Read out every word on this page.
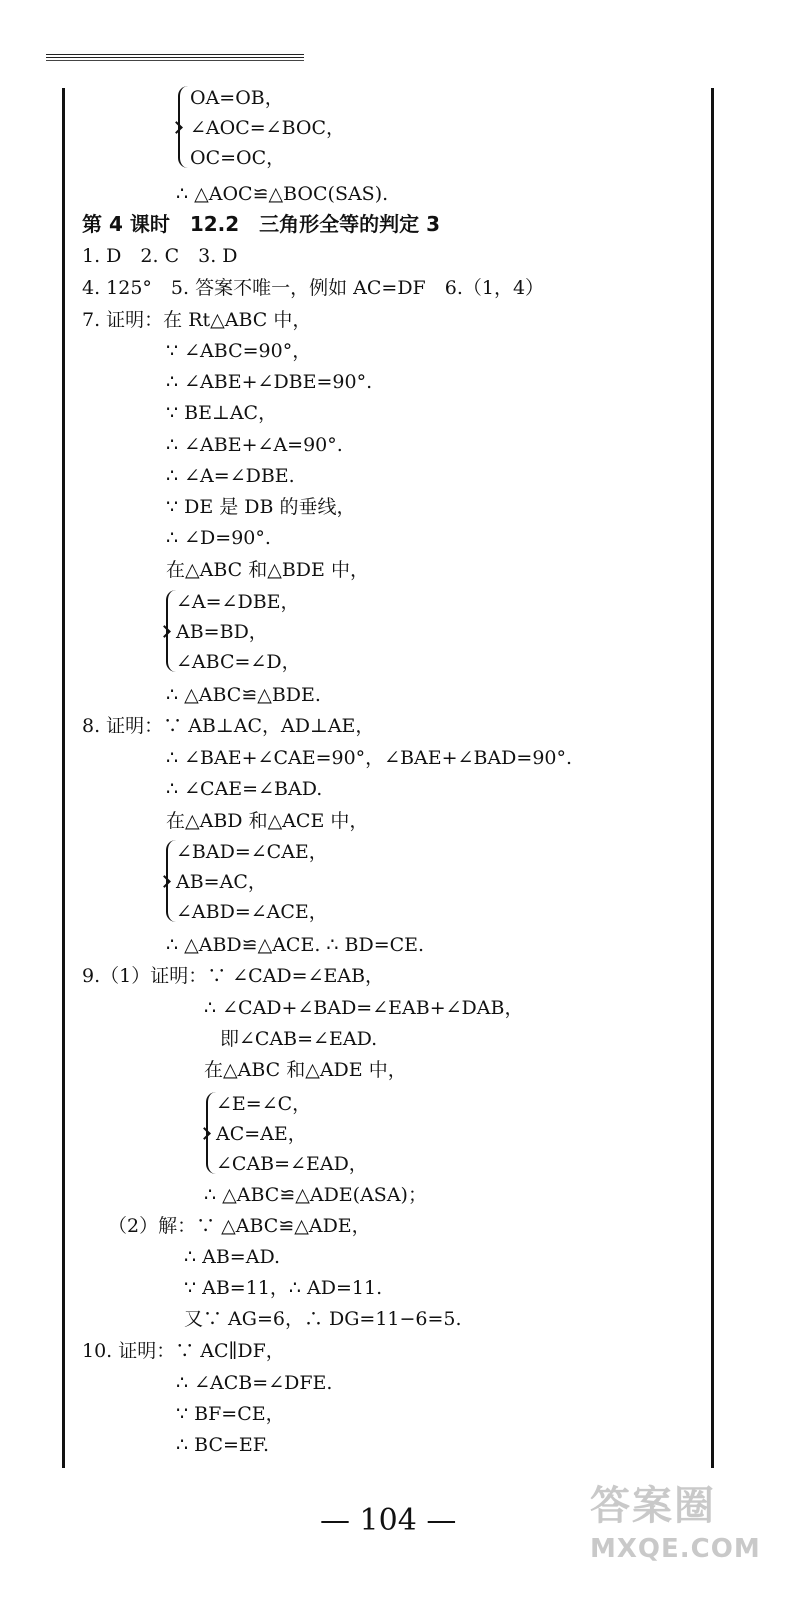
OA=OB，
∠AOC=∠BOC，
OC=OC，
∴ △AOC≌△BOC(SAS).
第 4 课时　12.2　三角形全等的判定 3
1. D　2. C　3. D
4. 125°　5. 答案不唯一，例如 AC=DF　6.（1，4）
7. 证明：在 Rt△ABC 中，
∵ ∠ABC=90°，
∴ ∠ABE+∠DBE=90°.
∵ BE⊥AC，
∴ ∠ABE+∠A=90°.
∴ ∠A=∠DBE.
∵ DE 是 DB 的垂线，
∴ ∠D=90°.
在△ABC 和△BDE 中，
∠A=∠DBE，
AB=BD，
∠ABC=∠D，
∴ △ABC≌△BDE.
8. 证明：∵ AB⊥AC，AD⊥AE，
∴ ∠BAE+∠CAE=90°，∠BAE+∠BAD=90°.
∴ ∠CAE=∠BAD.
在△ABD 和△ACE 中，
∠BAD=∠CAE，
AB=AC，
∠ABD=∠ACE，
∴ △ABD≌△ACE. ∴ BD=CE.
9.（1）证明：∵ ∠CAD=∠EAB，
∴ ∠CAD+∠BAD=∠EAB+∠DAB，
即∠CAB=∠EAD.
在△ABC 和△ADE 中，
∠E=∠C，
AC=AE，
∠CAB=∠EAD，
∴ △ABC≌△ADE(ASA)；
（2）解：∵ △ABC≌△ADE，
∴ AB=AD.
∵ AB=11，∴ AD=11.
又∵ AG=6，∴ DG=11−6=5.
10. 证明：∵ AC∥DF，
∴ ∠ACB=∠DFE.
∵ BF=CE，
∴ BC=EF.
— 104 —	答案圈
MXQE.COM
